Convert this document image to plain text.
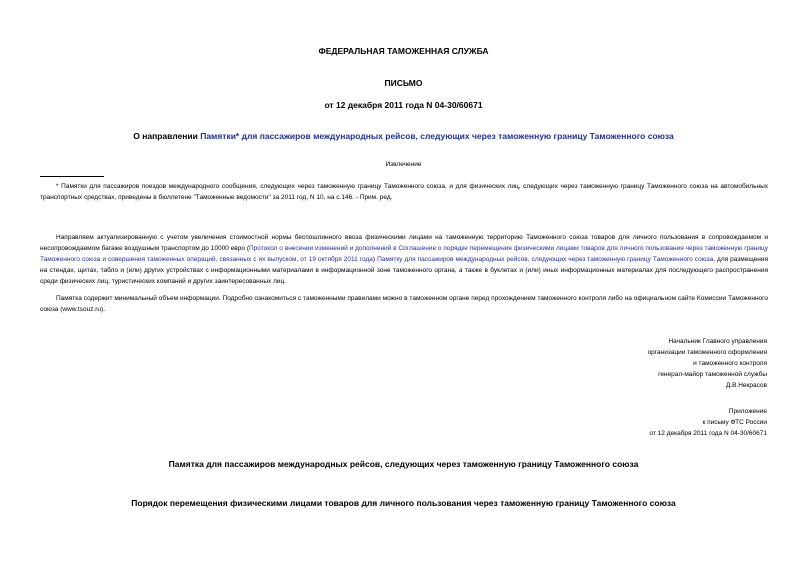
ФЕДЕРАЛЬНАЯ ТАМОЖЕННАЯ СЛУЖБА
ПИСЬМО
от 12 декабря 2011 года N 04-30/60671
О направлении Памятки* для пассажиров международных рейсов, следующих через таможенную границу Таможенного союза
Извлечение
* Памятки для пассажиров поездов международного сообщения, следующих через таможенную границу Таможенного союза, и для физических лиц, следующих через таможенную границу Таможенного союза на автомобильных транспортных средствах, приведены в бюллетене "Таможенные ведомости" за 2011 год, N 10, на с.146. - Прим. ред.
Направляем актуализированную с учетом увеличения стоимостной нормы беспошлинного ввоза физическими лицами на таможенную территорию Таможенного союза товаров для личного пользования в сопровождаемом и несопровождаемом багаже воздушным транспортом до 10000 евро (Протокол о внесении изменений и дополнений в Соглашение о порядке перемещения физическими лицами товаров для личного пользования через таможенную границу Таможенного союза и совершения таможенных операций, связанных с их выпуском, от 19 октября 2011 года) Памятку для пассажиров международных рейсов, следующих через таможенную границу Таможенного союза, для размещения на стендах, щитах, табло и (или) других устройствах с информационными материалами в информационной зоне таможенного органа, а также в буклетах и (или) иных информационных материалах для последующего распространения среди физических лиц, туристических компаний и других заинтересованных лиц.
Памятка содержит минимальный объем информации. Подробно ознакомиться с таможенными правилами можно в таможенном органе перед прохождением таможенного контроля либо на официальном сайте Комиссии Таможенного союза (www.tsouz.ru).
Начальник Главного управления
организации таможенного оформления
и таможенного контроля
генерал-майор таможенной службы
Д.В.Некрасов
Приложение
к письму ФТС России
от 12 декабря 2011 года N 04-30/60671
Памятка для пассажиров международных рейсов, следующих через таможенную границу Таможенного союза
Порядок перемещения физическими лицами товаров для личного пользования через таможенную границу Таможенного союза
